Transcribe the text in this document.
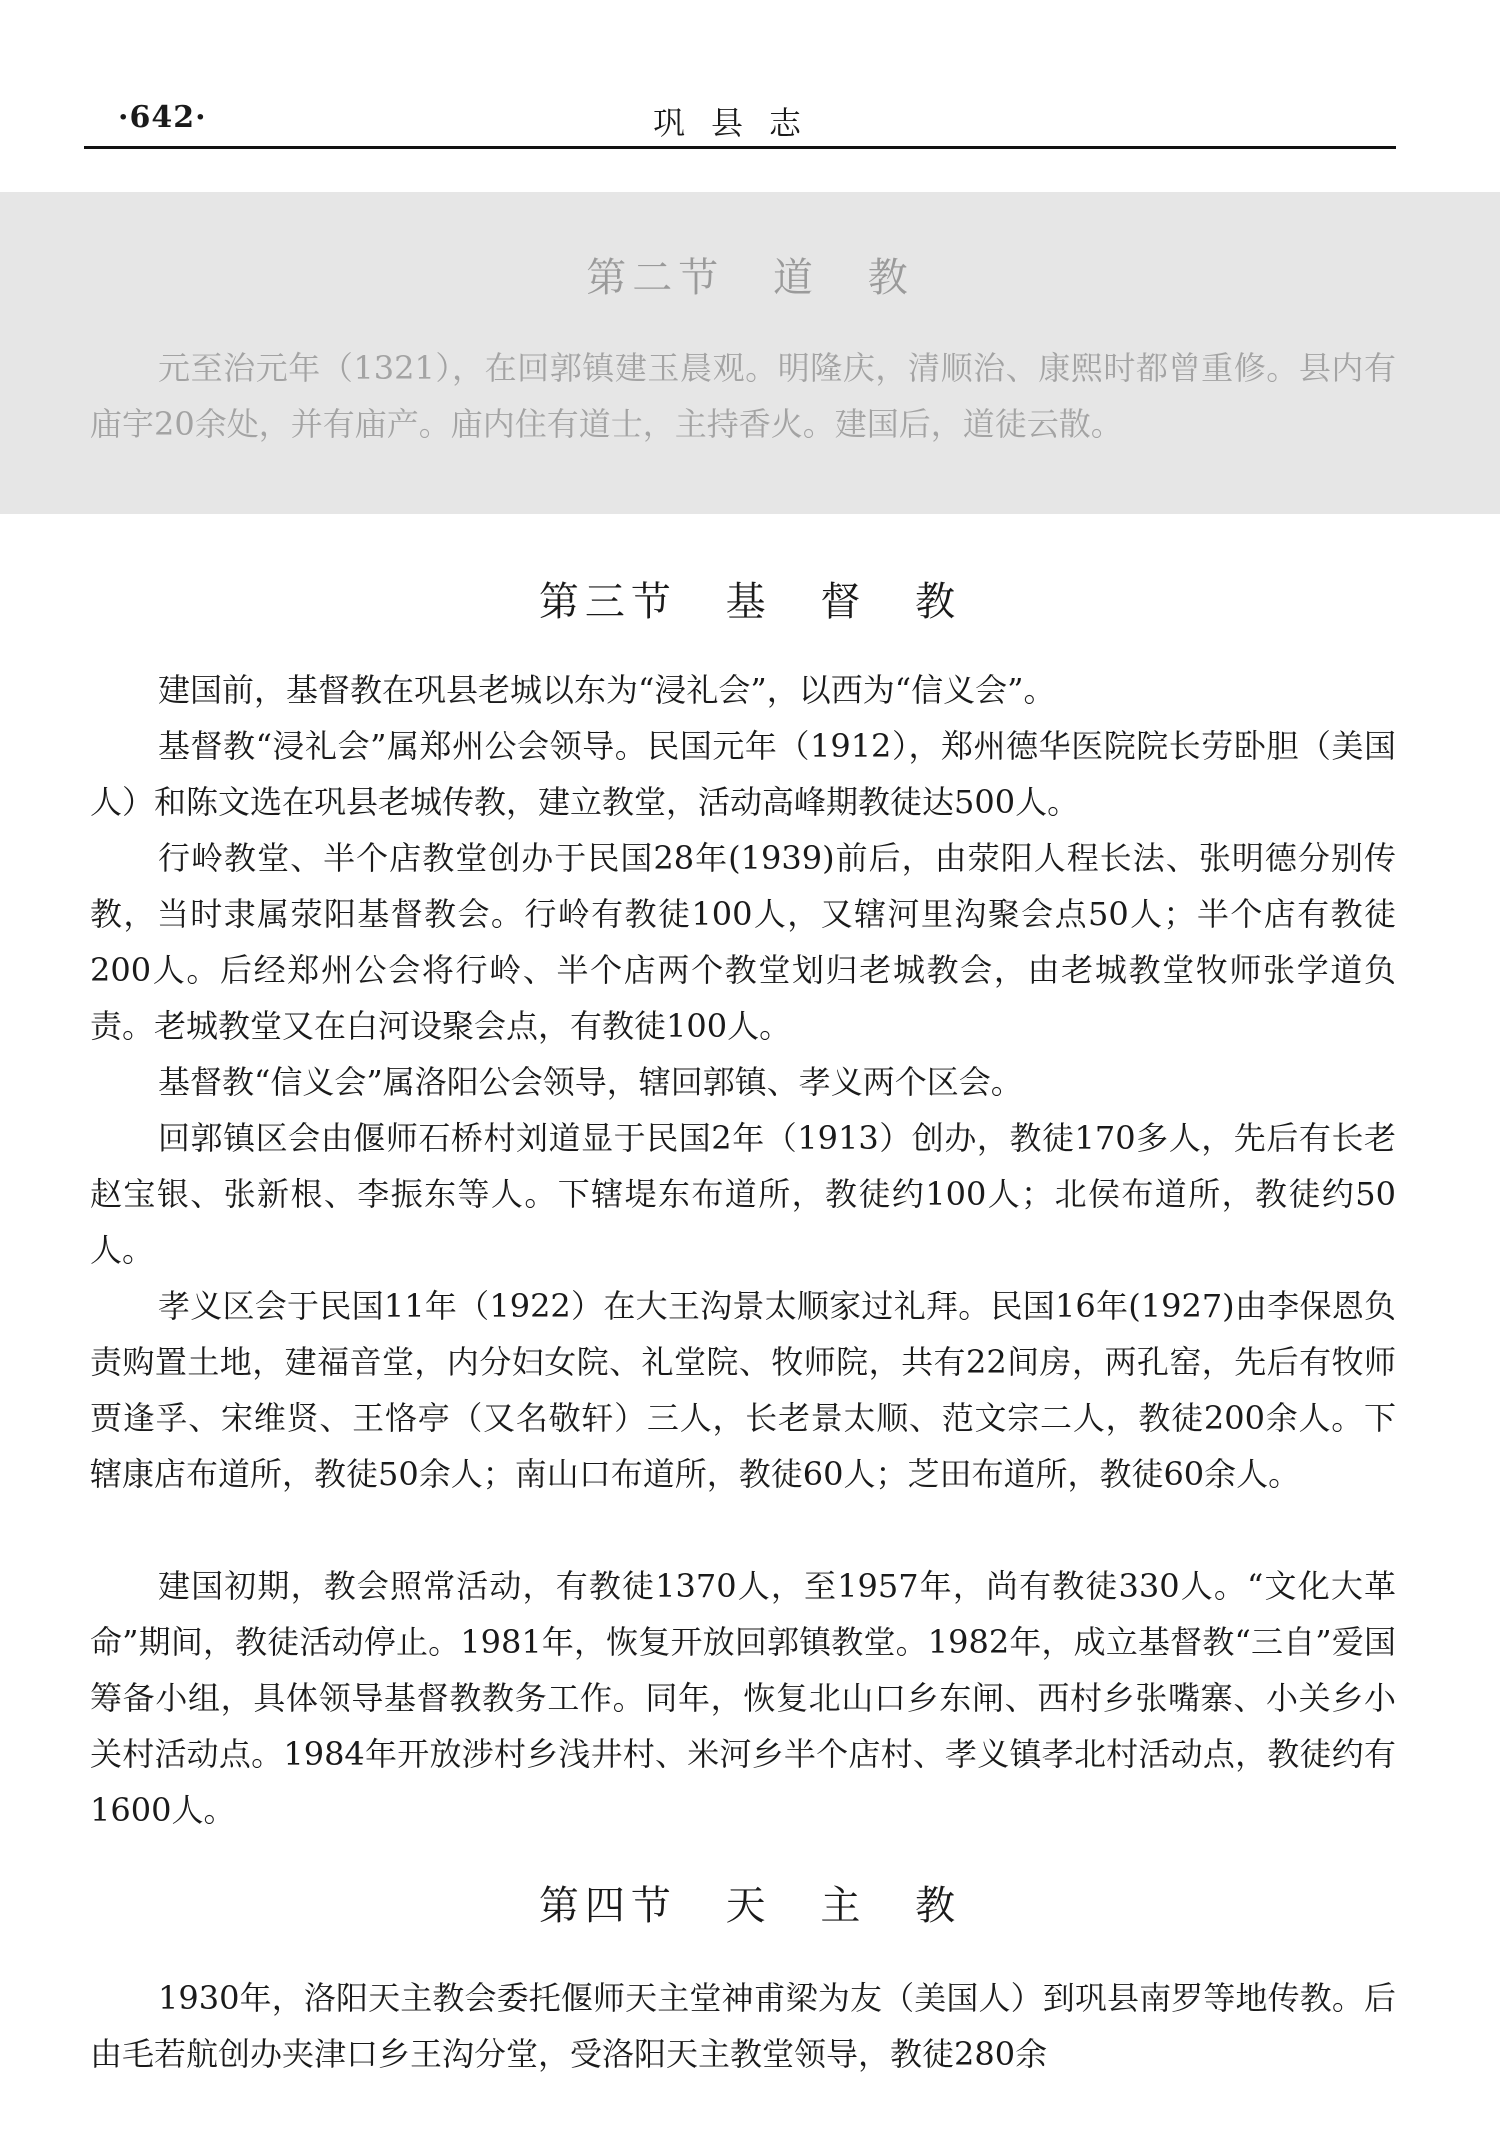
·642·	巩县志
第二节 道 教

元至治元年（1321），在回郭镇建玉晨观。明隆庆，清顺治、康熙时都曾重修。县内有庙宇20余处，并有庙产。庙内住有道士，主持香火。建国后，道徒云散。

第三节 基 督 教

建国前，基督教在巩县老城以东为“浸礼会”，以西为“信义会”。

基督教“浸礼会”属郑州公会领导。民国元年（1912），郑州德华医院院长劳卧胆（美国人）和陈文选在巩县老城传教，建立教堂，活动高峰期教徒达500人。

行岭教堂、半个店教堂创办于民国28年(1939)前后，由荥阳人程长法、张明德分别传教，当时隶属荥阳基督教会。行岭有教徒100人，又辖河里沟聚会点50人；半个店有教徒200人。后经郑州公会将行岭、半个店两个教堂划归老城教会，由老城教堂牧师张学道负责。老城教堂又在白河设聚会点，有教徒100人。

基督教“信义会”属洛阳公会领导，辖回郭镇、孝义两个区会。

回郭镇区会由偃师石桥村刘道显于民国2年（1913）创办，教徒170多人，先后有长老赵宝银、张新根、李振东等人。下辖堤东布道所，教徒约100人；北侯布道所，教徒约50人。

孝义区会于民国11年（1922）在大王沟景太顺家过礼拜。民国16年(1927)由李保恩负责购置土地，建福音堂，内分妇女院、礼堂院、牧师院，共有22间房，两孔窑，先后有牧师贾逢孚、宋维贤、王恪亭（又名敬轩）三人，长老景太顺、范文宗二人，教徒200余人。下辖康店布道所，教徒50余人；南山口布道所，教徒60人；芝田布道所，教徒60余人。

建国初期，教会照常活动，有教徒1370人，至1957年，尚有教徒330人。“文化大革命”期间，教徒活动停止。1981年，恢复开放回郭镇教堂。1982年，成立基督教“三自”爱国筹备小组，具体领导基督教教务工作。同年，恢复北山口乡东闸、西村乡张嘴寨、小关乡小关村活动点。1984年开放涉村乡浅井村、米河乡半个店村、孝义镇孝北村活动点，教徒约有1600人。

第四节 天 主 教

1930年，洛阳天主教会委托偃师天主堂神甫梁为友（美国人）到巩县南罗等地传教。后由毛若航创办夹津口乡王沟分堂，受洛阳天主教堂领导，教徒280余
